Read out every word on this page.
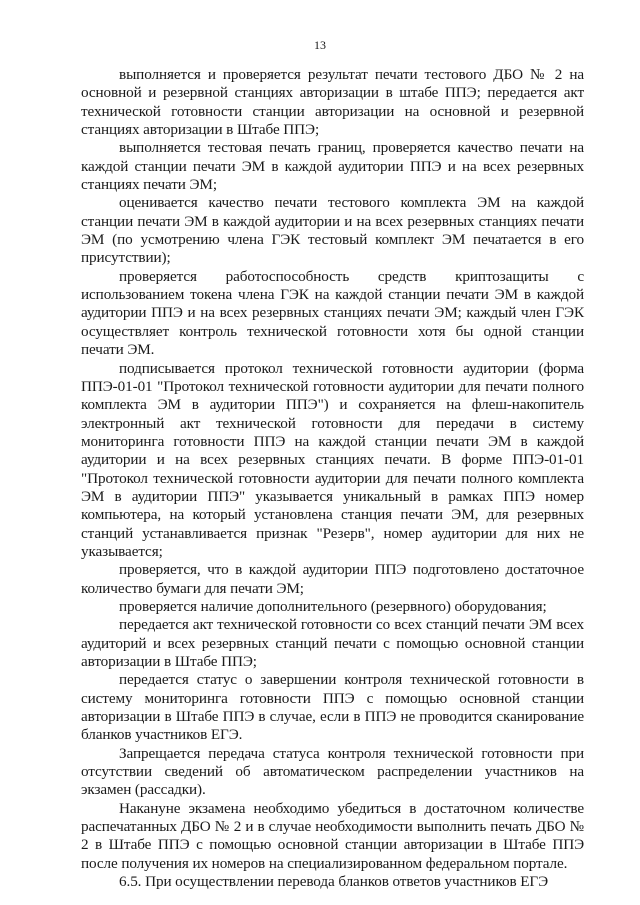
13

выполняется и проверяется результат печати тестового ДБО № 2 на основной и резервной станциях авторизации в штабе ППЭ; передается акт технической готовности станции авторизации на основной и резервной станциях авторизации в Штабе ППЭ;

выполняется тестовая печать границ, проверяется качество печати на каждой станции печати ЭМ в каждой аудитории ППЭ и на всех резервных станциях печати ЭМ;

оценивается качество печати тестового комплекта ЭМ на каждой станции печати ЭМ в каждой аудитории и на всех резервных станциях печати ЭМ (по усмотрению члена ГЭК тестовый комплект ЭМ печатается в его присутствии);

проверяется работоспособность средств криптозащиты с использованием токена члена ГЭК на каждой станции печати ЭМ в каждой аудитории ППЭ и на всех резервных станциях печати ЭМ; каждый член ГЭК осуществляет контроль технической готовности хотя бы одной станции печати ЭМ.

подписывается протокол технической готовности аудитории (форма ППЭ-01-01 "Протокол технической готовности аудитории для печати полного комплекта ЭМ в аудитории ППЭ") и сохраняется на флеш-накопитель электронный акт технической готовности для передачи в систему мониторинга готовности ППЭ на каждой станции печати ЭМ в каждой аудитории и на всех резервных станциях печати. В форме ППЭ-01-01 "Протокол технической готовности аудитории для печати полного комплекта ЭМ в аудитории ППЭ" указывается уникальный в рамках ППЭ номер компьютера, на который установлена станция печати ЭМ, для резервных станций устанавливается признак "Резерв", номер аудитории для них не указывается;

проверяется, что в каждой аудитории ППЭ подготовлено достаточное количество бумаги для печати ЭМ;

проверяется наличие дополнительного (резервного) оборудования;

передается акт технической готовности со всех станций печати ЭМ всех аудиторий и всех резервных станций печати с помощью основной станции авторизации в Штабе ППЭ;

передается статус о завершении контроля технической готовности в систему мониторинга готовности ППЭ с помощью основной станции авторизации в Штабе ППЭ в случае, если в ППЭ не проводится сканирование бланков участников ЕГЭ.

Запрещается передача статуса контроля технической готовности при отсутствии сведений об автоматическом распределении участников на экзамен (рассадки).

Накануне экзамена необходимо убедиться в достаточном количестве распечатанных ДБО № 2 и в случае необходимости выполнить печать ДБО № 2 в Штабе ППЭ с помощью основной станции авторизации в Штабе ППЭ после получения их номеров на специализированном федеральном портале.

6.5. При осуществлении перевода бланков ответов участников ЕГЭ
